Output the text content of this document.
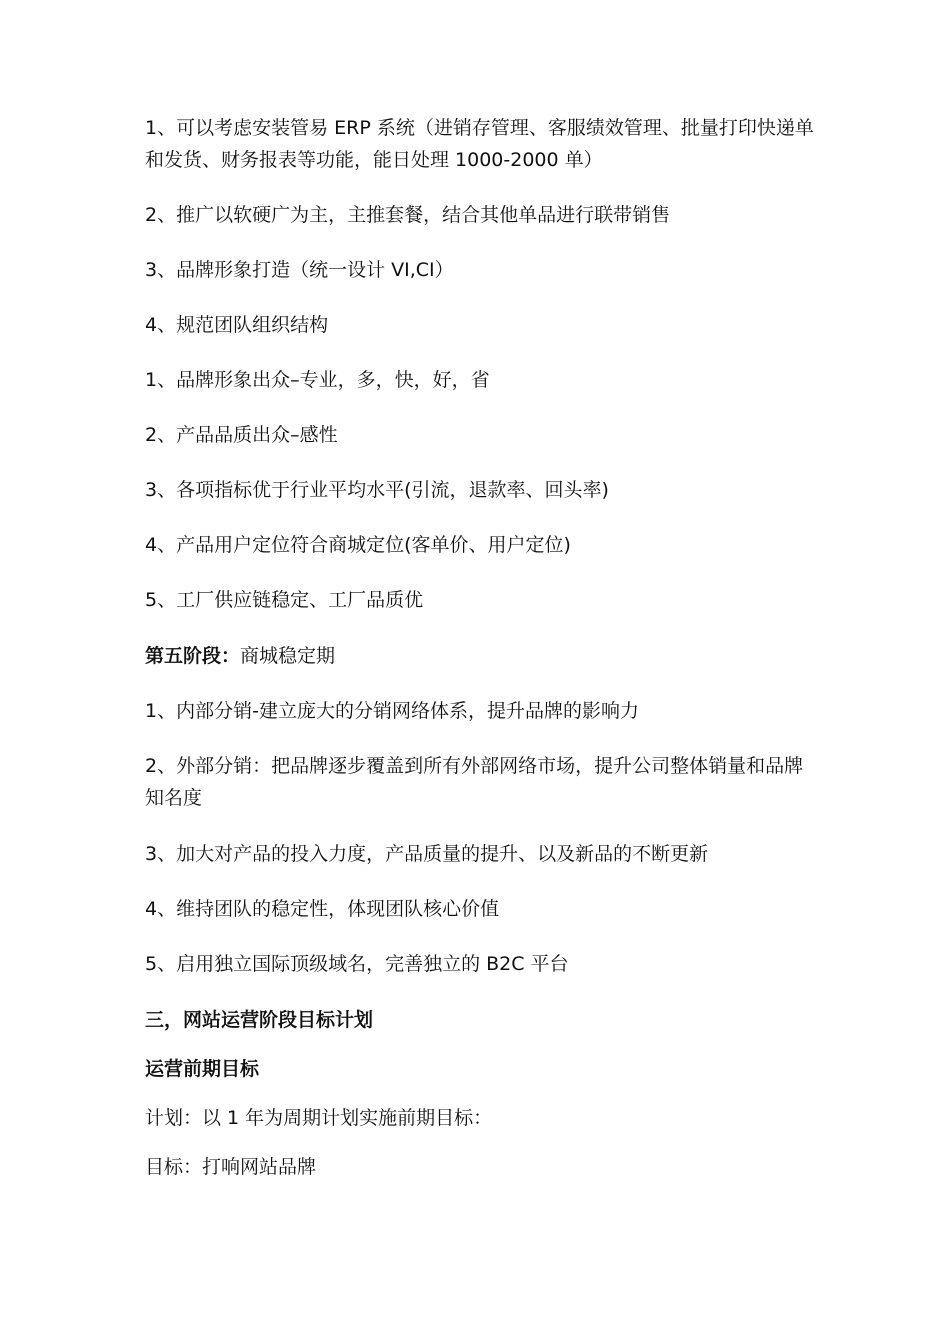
1、可以考虑安装管易 ERP 系统（进销存管理、客服绩效管理、批量打印快递单和发货、财务报表等功能，能日处理 1000-2000 单）
2、推广以软硬广为主，主推套餐，结合其他单品进行联带销售
3、品牌形象打造（统一设计 VI,CI）
4、规范团队组织结构
1、品牌形象出众–专业，多，快，好，省
2、产品品质出众–感性
3、各项指标优于行业平均水平(引流，退款率、回头率)
4、产品用户定位符合商城定位(客单价、用户定位)
5、工厂供应链稳定、工厂品质优
第五阶段：商城稳定期
1、内部分销-建立庞大的分销网络体系，提升品牌的影响力
2、外部分销：把品牌逐步覆盖到所有外部网络市场，提升公司整体销量和品牌知名度
3、加大对产品的投入力度，产品质量的提升、以及新品的不断更新
4、维持团队的稳定性，体现团队核心价值
5、启用独立国际顶级域名，完善独立的 B2C 平台
三，网站运营阶段目标计划
运营前期目标
计划：以 1 年为周期计划实施前期目标：
目标：打响网站品牌
